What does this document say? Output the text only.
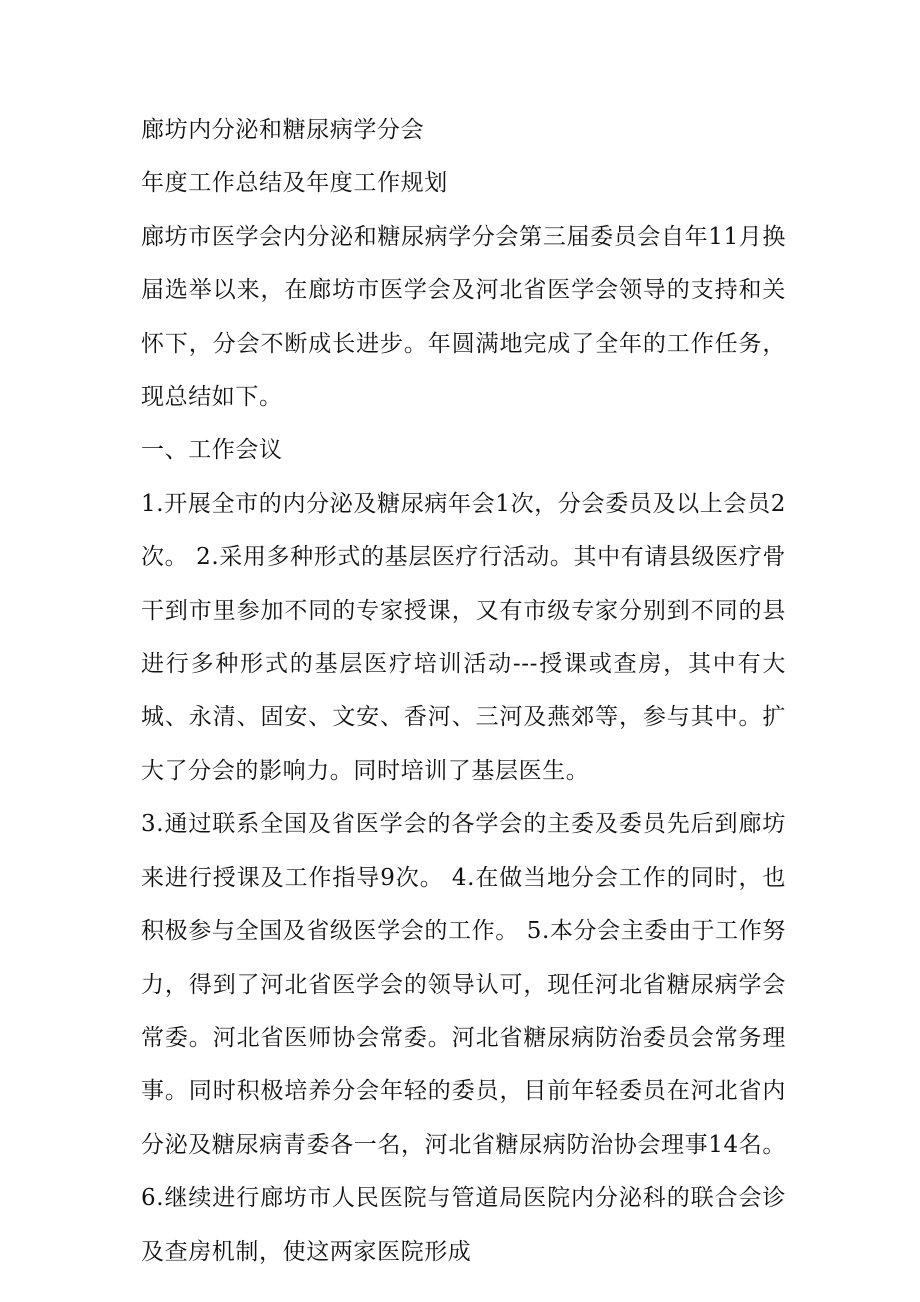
廊坊内分泌和糖尿病学分会

年度工作总结及年度工作规划

廊坊市医学会内分泌和糖尿病学分会第三届委员会自年11月换届选举以来，在廊坊市医学会及河北省医学会领导的支持和关怀下，分会不断成长进步。年圆满地完成了全年的工作任务，现总结如下。

一、工作会议

1.开展全市的内分泌及糖尿病年会1次，分会委员及以上会员2次。 2.采用多种形式的基层医疗行活动。其中有请县级医疗骨干到市里参加不同的专家授课，又有市级专家分别到不同的县进行多种形式的基层医疗培训活动---授课或查房，其中有大城、永清、固安、文安、香河、三河及燕郊等，参与其中。扩大了分会的影响力。同时培训了基层医生。

3.通过联系全国及省医学会的各学会的主委及委员先后到廊坊来进行授课及工作指导9次。 4.在做当地分会工作的同时，也积极参与全国及省级医学会的工作。 5.本分会主委由于工作努力，得到了河北省医学会的领导认可，现任河北省糖尿病学会常委。河北省医师协会常委。河北省糖尿病防治委员会常务理事。同时积极培养分会年轻的委员，目前年轻委员在河北省内分泌及糖尿病青委各一名，河北省糖尿病防治协会理事14名。 6.继续进行廊坊市人民医院与管道局医院内分泌科的联合会诊及查房机制，使这两家医院形成
